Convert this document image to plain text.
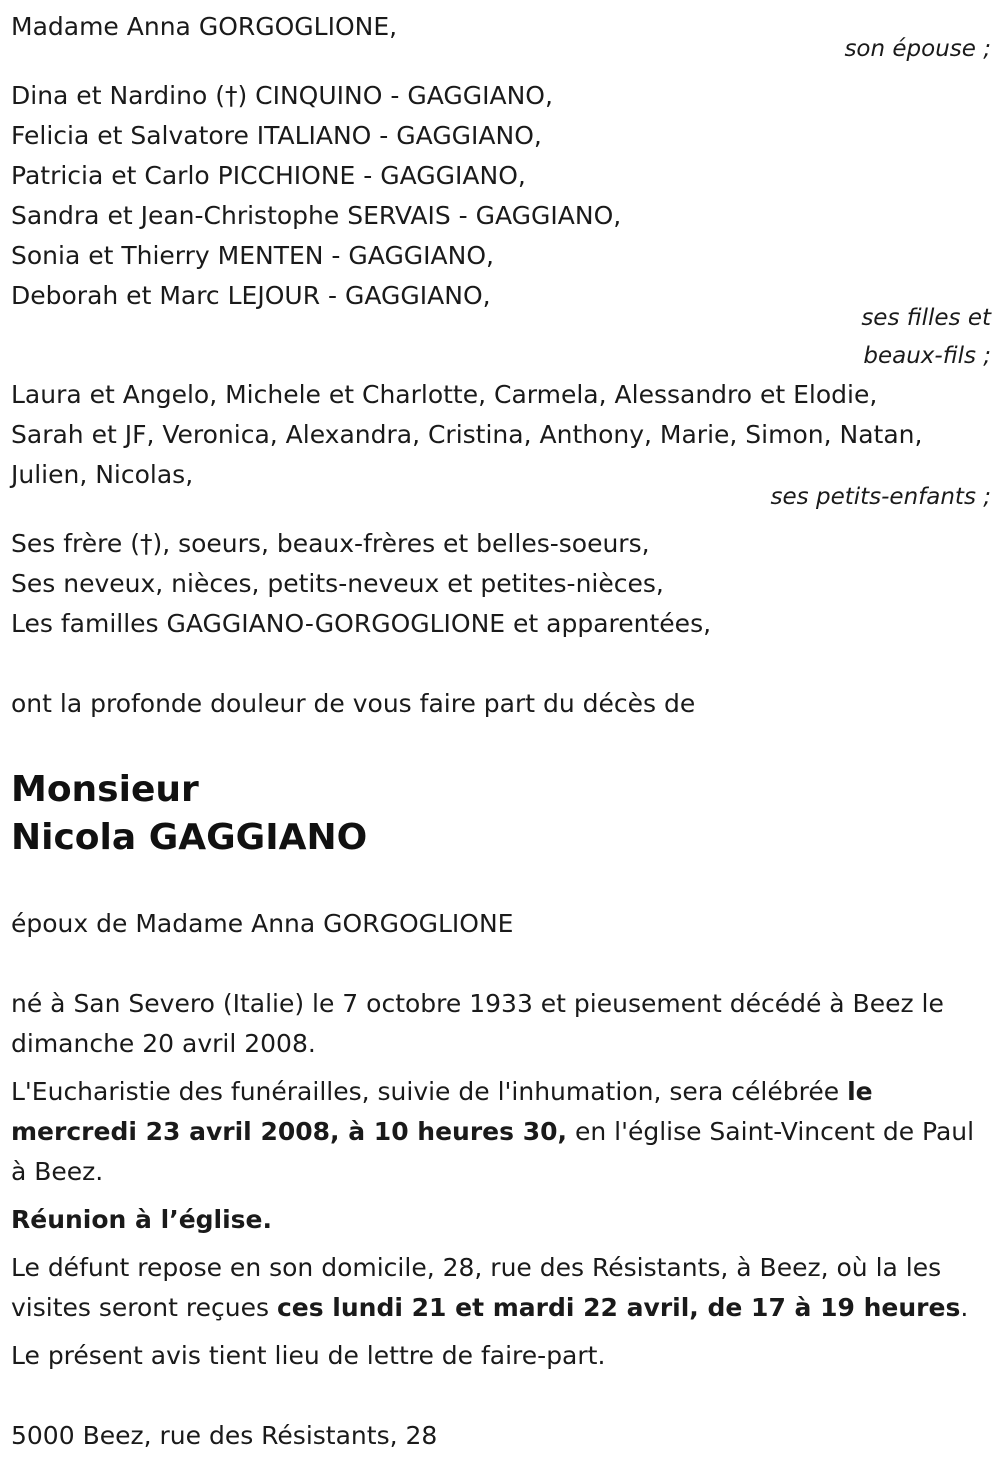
Madame Anna GORGOGLIONE,
son épouse ;
Dina et Nardino (†) CINQUINO - GAGGIANO,
Felicia et Salvatore ITALIANO - GAGGIANO,
Patricia et Carlo PICCHIONE - GAGGIANO,
Sandra et Jean-Christophe SERVAIS - GAGGIANO,
Sonia et Thierry MENTEN - GAGGIANO,
Deborah et Marc LEJOUR - GAGGIANO,
ses filles et
beaux-fils ;
Laura et Angelo, Michele et Charlotte, Carmela, Alessandro et Elodie,
Sarah et JF, Veronica, Alexandra, Cristina, Anthony, Marie, Simon, Natan,
Julien, Nicolas,
ses petits-enfants ;
Ses frère (†), soeurs, beaux-frères et belles-soeurs,
Ses neveux, nièces, petits-neveux et petites-nièces,
Les familles GAGGIANO-GORGOGLIONE et apparentées,
ont la profonde douleur de vous faire part du décès de
Monsieur
Nicola GAGGIANO
époux de Madame Anna GORGOGLIONE
né à San Severo (Italie) le 7 octobre 1933 et pieusement décédé à Beez le dimanche 20 avril 2008.
L'Eucharistie des funérailles, suivie de l'inhumation, sera célébrée le mercredi 23 avril 2008, à 10 heures 30, en l'église Saint-Vincent de Paul à Beez.
Réunion à l’église.
Le défunt repose en son domicile, 28, rue des Résistants, à Beez, où la les visites seront reçues ces lundi 21 et mardi 22 avril, de 17 à 19 heures.
Le présent avis tient lieu de lettre de faire-part.
5000 Beez, rue des Résistants, 28
